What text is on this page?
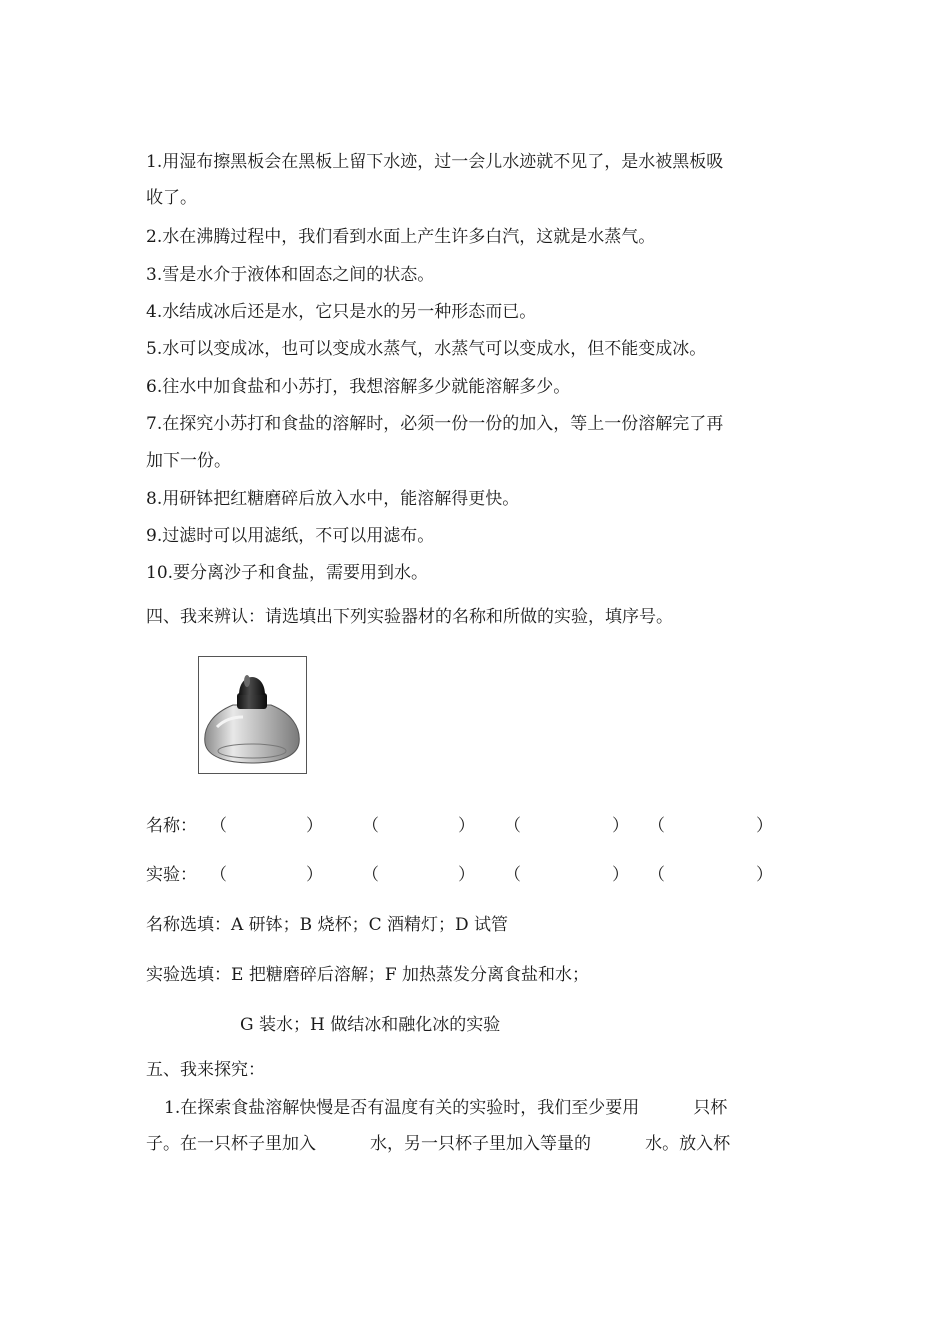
1.用湿布擦黑板会在黑板上留下水迹，过一会儿水迹就不见了，是水被黑板吸
收了。
2.水在沸腾过程中，我们看到水面上产生许多白汽，这就是水蒸气。
3.雪是水介于液体和固态之间的状态。
4.水结成冰后还是水，它只是水的另一种形态而已。
5.水可以变成冰，也可以变成水蒸气，水蒸气可以变成水，但不能变成冰。
6.往水中加食盐和小苏打，我想溶解多少就能溶解多少。
7.在探究小苏打和食盐的溶解时，必须一份一份的加入，等上一份溶解完了再
加下一份。
8.用研钵把红糖磨碎后放入水中，能溶解得更快。
9.过滤时可以用滤纸，不可以用滤布。
10.要分离沙子和食盐，需要用到水。
四、我来辨认：请选填出下列实验器材的名称和所做的实验，填序号。
名称： （	） （	） （	） （	）
实验： （	） （	） （	） （	）
名称选填：A 研钵；B 烧杯；C 酒精灯；D 试管
实验选填：E 把糖磨碎后溶解；F 加热蒸发分离食盐和水；
G 装水；H 做结冰和融化冰的实验
五、我来探究：
1.在探索食盐溶解快慢是否有温度有关的实验时，我们至少要用          只杯
子。在一只杯子里加入          水，另一只杯子里加入等量的          水。放入杯
